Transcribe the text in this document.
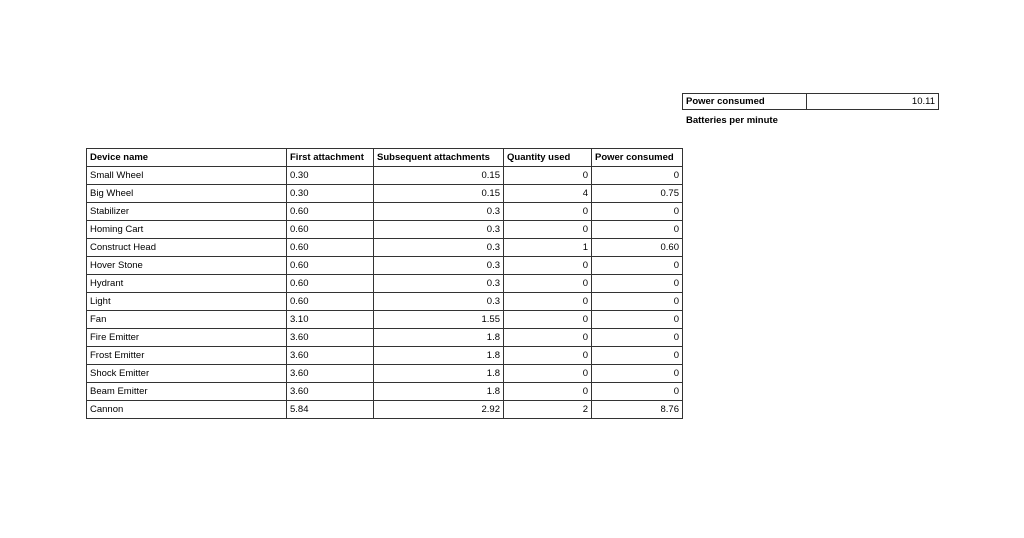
Power consumed	10.11
Batteries per minute
Device name	First attachment	Subsequent attachments	Quantity used	Power consumed
Small Wheel	0.30	0.15	0	0
Big Wheel	0.30	0.15	4	0.75
Stabilizer	0.60	0.3	0	0
Homing Cart	0.60	0.3	0	0
Construct Head	0.60	0.3	1	0.60
Hover Stone	0.60	0.3	0	0
Hydrant	0.60	0.3	0	0
Light	0.60	0.3	0	0
Fan	3.10	1.55	0	0
Fire Emitter	3.60	1.8	0	0
Frost Emitter	3.60	1.8	0	0
Shock Emitter	3.60	1.8	0	0
Beam Emitter	3.60	1.8	0	0
Cannon	5.84	2.92	2	8.76
